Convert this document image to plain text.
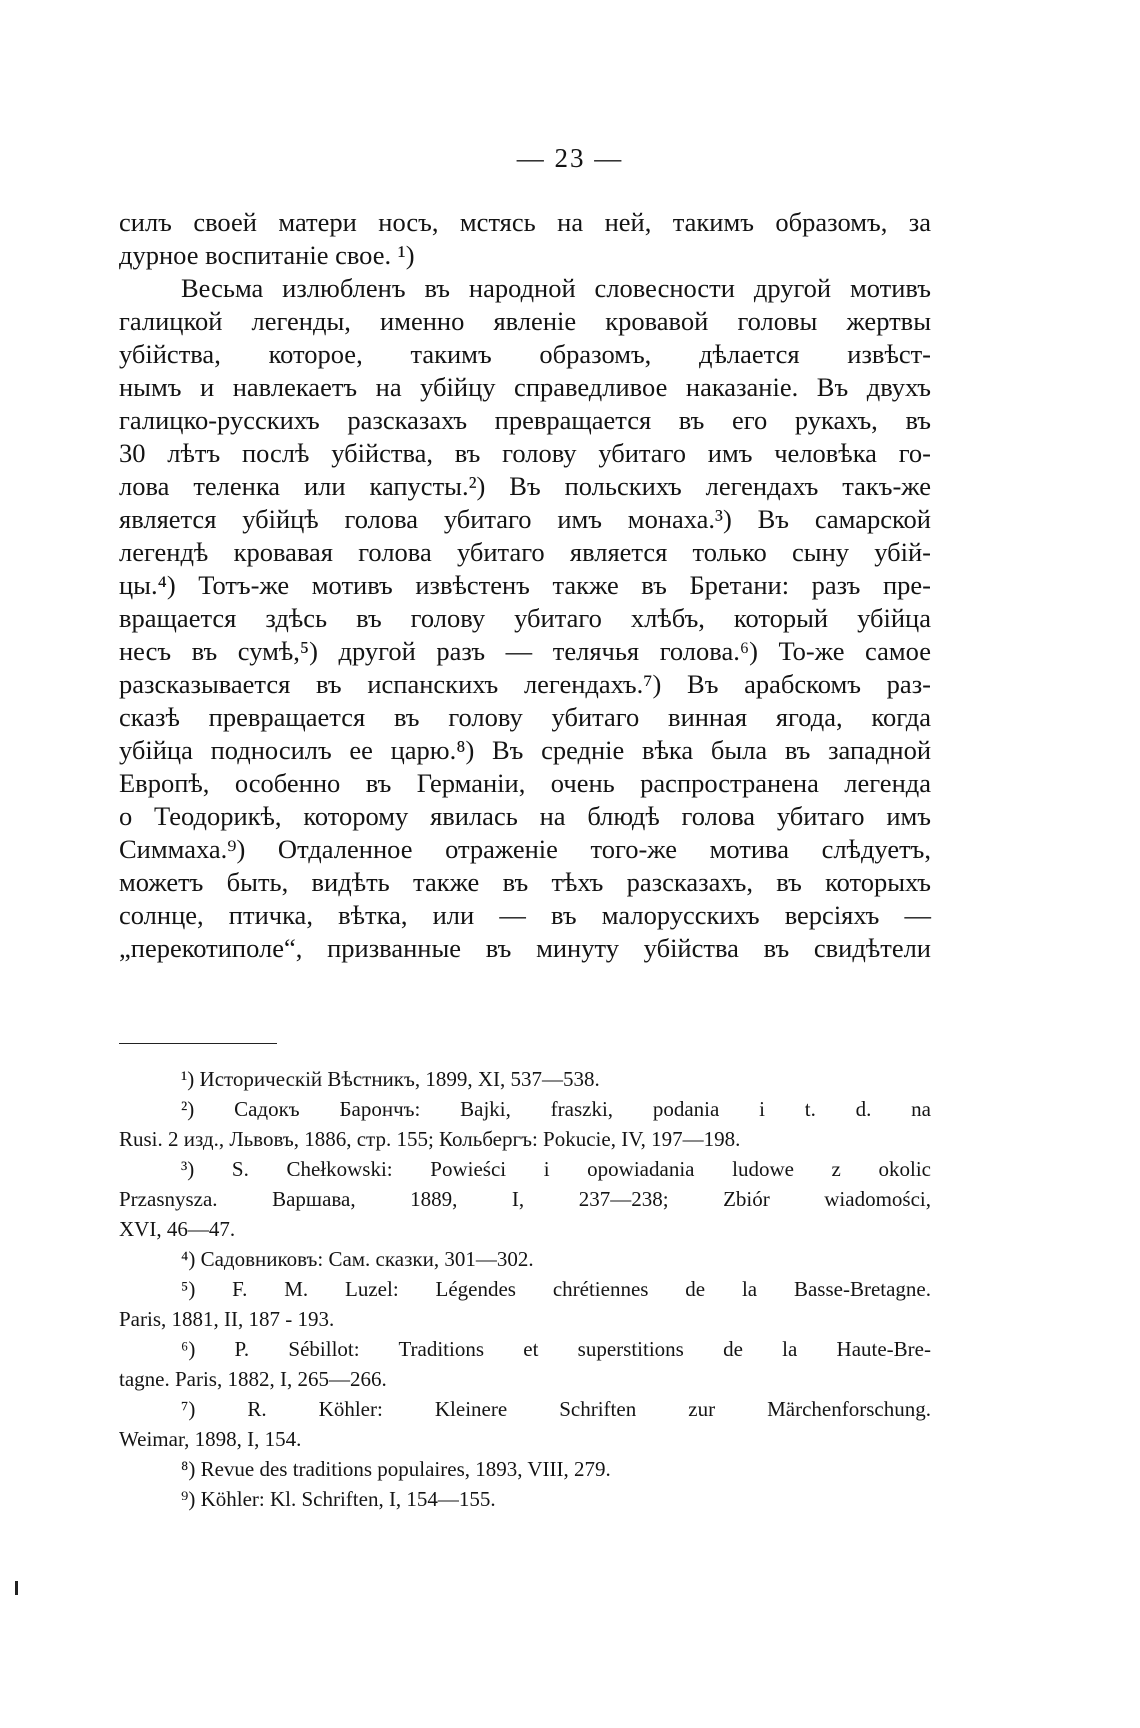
— 23 —
силъ своей матери носъ, мстясь на ней, такимъ образомъ, за
дурное воспитаніе свое. ¹)
Весьма излюбленъ въ народной словесности другой мотивъ
галицкой легенды, именно явленіе кровавой головы жертвы
убійства, которое, такимъ образомъ, дѣлается извѣст-
нымъ и навлекаетъ на убійцу справедливое наказаніе. Въ двухъ
галицко-русскихъ разсказахъ превращается въ его рукахъ, въ
30 лѣтъ послѣ убійства, въ голову убитаго имъ человѣка го-
лова теленка или капусты.²) Въ польскихъ легендахъ такъ-же
является убійцѣ голова убитаго имъ монаха.³) Въ самарской
легендѣ кровавая голова убитаго является только сыну убій-
цы.⁴) Тотъ-же мотивъ извѣстенъ также въ Бретани: разъ пре-
вращается здѣсь въ голову убитаго хлѣбъ, который убійца
несъ въ сумѣ,⁵) другой разъ — телячья голова.⁶) То-же самое
разсказывается въ испанскихъ легендахъ.⁷) Въ арабскомъ раз-
сказѣ превращается въ голову убитаго винная ягода, когда
убійца подносилъ ее царю.⁸) Въ средніе вѣка была въ западной
Европѣ, особенно въ Германіи, очень распространена легенда
о Теодорикѣ, которому явилась на блюдѣ голова убитаго имъ
Симмаха.⁹) Отдаленное отраженіе того-же мотива слѣдуетъ,
можетъ быть, видѣть также въ тѣхъ разсказахъ, въ которыхъ
солнце, птичка, вѣтка, или — въ малорусскихъ версіяхъ —
„перекотиполе“, призванные въ минуту убійства въ свидѣтели
¹) Историческій Вѣстникъ, 1899, XI, 537—538.
²) Садокъ Барончъ: Bajki, fraszki, podania i t. d. na
Rusi. 2 изд., Львовъ, 1886, стр. 155; Кольбергъ: Pokucie, IV, 197—198.
³) S. Chełkowski: Powieści i opowiadania ludowe z okolic
Przasnysza. Варшава, 1889, I, 237—238; Zbiór wiadomości,
XVI, 46—47.
⁴) Садовниковъ: Сам. сказки, 301—302.
⁵) F. M. Luzel: Légendes chrétiennes de la Basse-Bretagne.
Paris, 1881, II, 187 - 193.
⁶) P. Sébillot: Traditions et superstitions de la Haute-Bre-
tagne. Paris, 1882, I, 265—266.
⁷) R. Köhler: Kleinere Schriften zur Märchenforschung.
Weimar, 1898, I, 154.
⁸) Revue des traditions populaires, 1893, VIII, 279.
⁹) Köhler: Kl. Schriften, I, 154—155.
